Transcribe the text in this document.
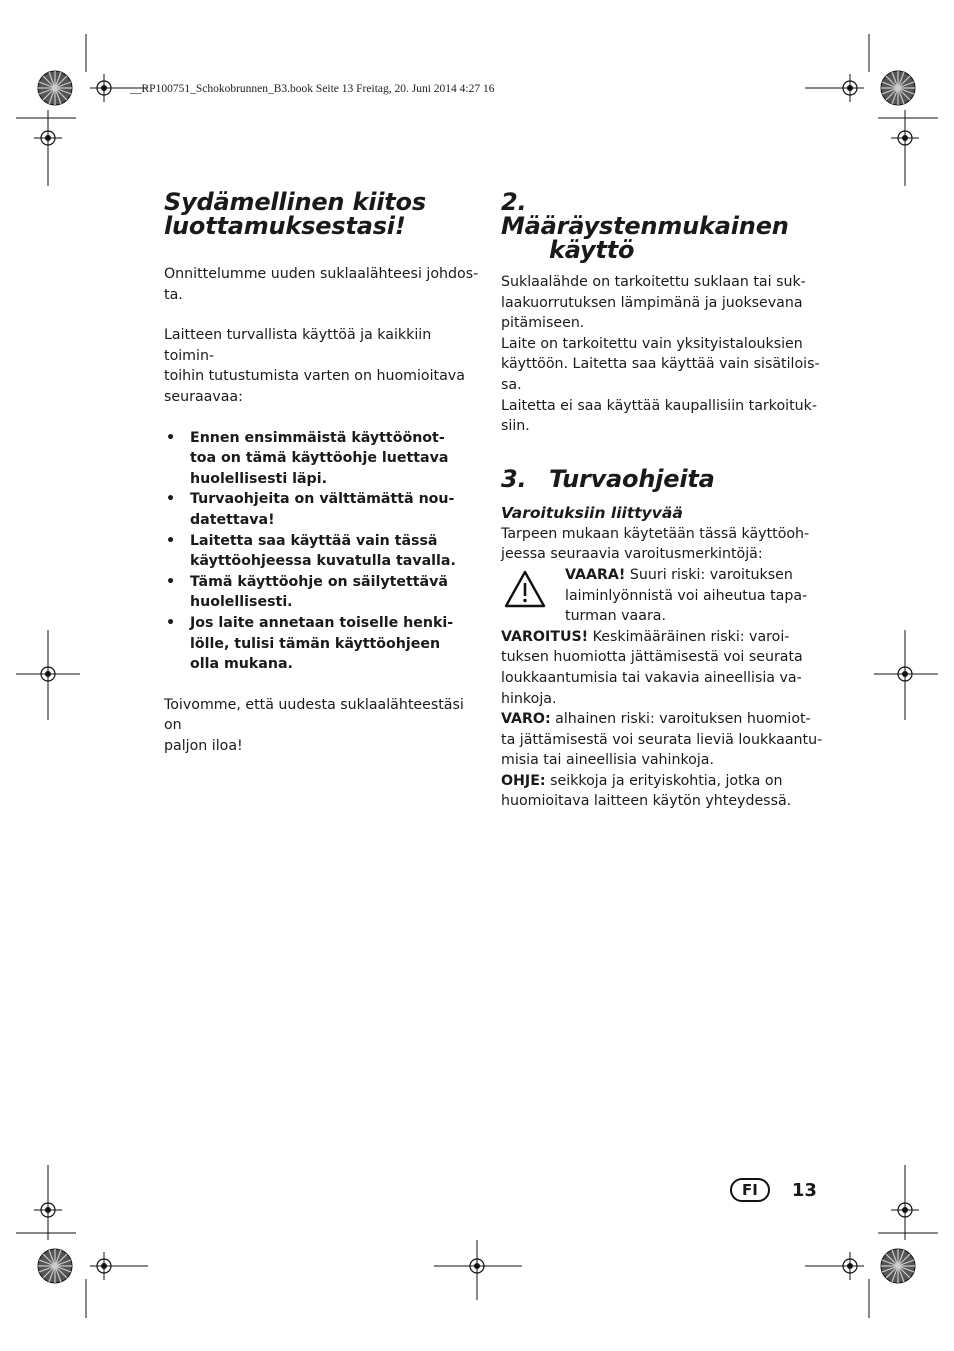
__RP100751_Schokobrunnen_B3.book Seite 13 Freitag, 20. Juni 2014 4:27 16
Sydämellinen kiitos
luottamuksestasi!

Onnittelumme uuden suklaalähteesi johdos-
ta.

Laitteen turvallista käyttöä ja kaikkiin toimin-
toihin tutustumista varten on huomioitava
seuraavaa:

• Ennen ensimmäistä käyttöönot-
toa on tämä käyttöohje luettava
huolellisesti läpi.
• Turvaohjeita on välttämättä nou-
datettava!
• Laitetta saa käyttää vain tässä
käyttöohjeessa kuvatulla tavalla.
• Tämä käyttöohje on säilytettävä
huolellisesti.
• Jos laite annetaan toiselle henki-
lölle, tulisi tämän käyttöohjeen
olla mukana.

Toivomme, että uudesta suklaalähteestäsi on
paljon iloa!

2.Määräystenmukainen
käyttö

Suklaalähde on tarkoitettu suklaan tai suk-
laakuorrutuksen lämpimänä ja juoksevana
pitämiseen.
Laite on tarkoitettu vain yksityistalouksien
käyttöön. Laitetta saa käyttää vain sisätilois-
sa.
Laitetta ei saa käyttää kaupallisiin tarkoituk-
siin.

3. Turvaohjeita
Varoituksiin liittyvää

Tarpeen mukaan käytetään tässä käyttöoh-
jeessa seuraavia varoitusmerkintöjä:

VAARA! Suuri riski: varoituksen
laiminlyönnistä voi aiheutua tapa-
turman vaara.

VAROITUS! Keskimääräinen riski: varoi-
tuksen huomiotta jättämisestä voi seurata
loukkaantumisia tai vakavia aineellisia va-
hinkoja.

VARO: alhainen riski: varoituksen huomiot-
ta jättämisestä voi seurata lieviä loukkaantu-
misia tai aineellisia vahinkoja.

OHJE: seikkoja ja erityiskohtia, jotka on
huomioitava laitteen käytön yhteydessä.

FI	13
